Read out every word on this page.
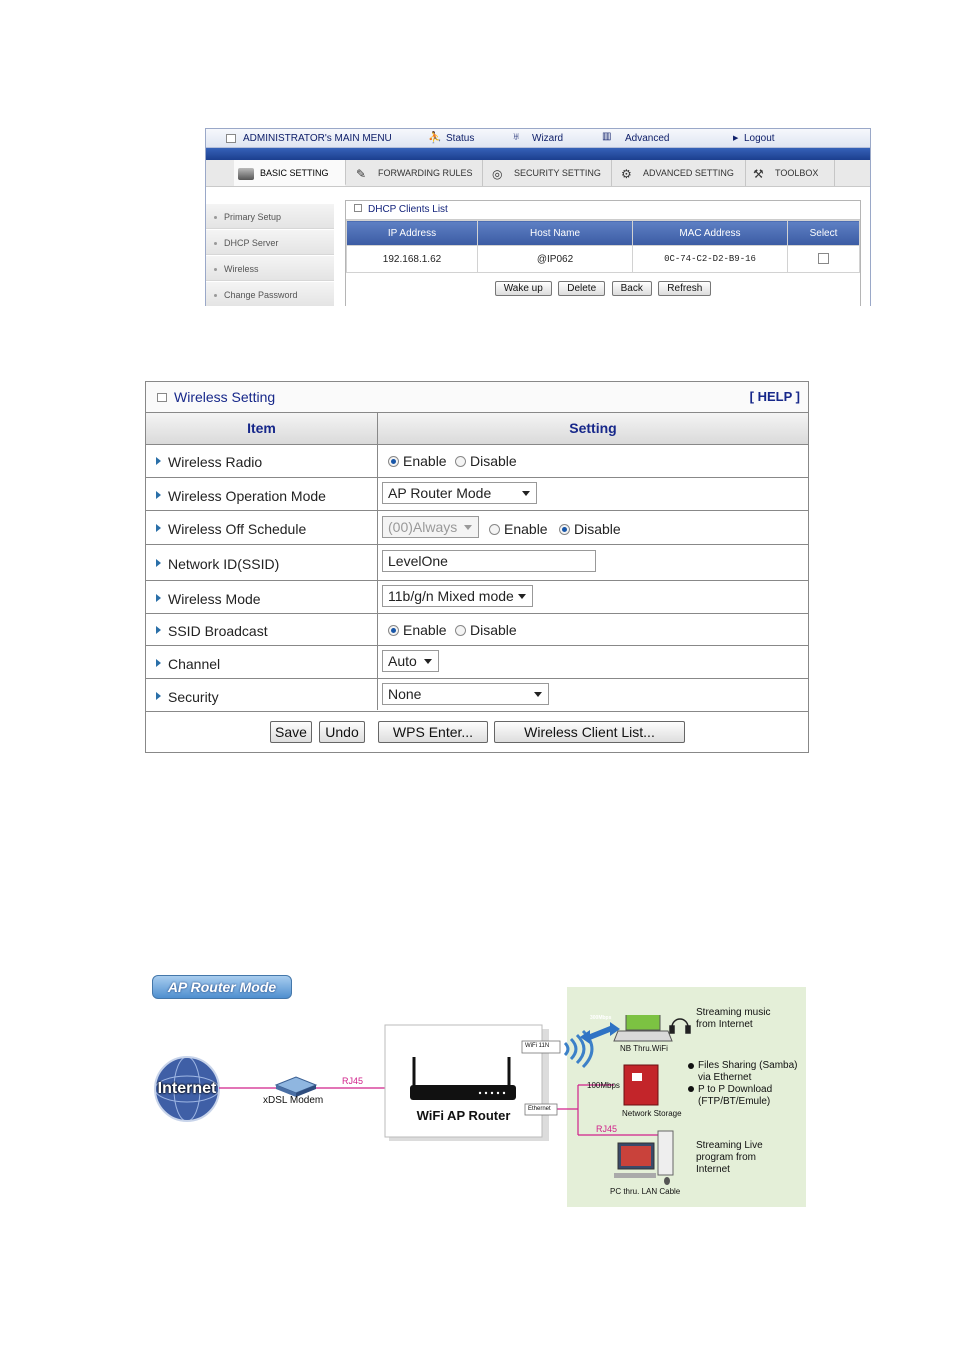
ADMINISTRATOR's MAIN MENU	⛹ Status	♅ Wizard	▥ Advanced	▶ Logout
BASIC SETTING	✎ FORWARDING RULES	◎ SECURITY SETTING	⚙ ADVANCED SETTING	⚒ TOOLBOX
Primary Setup
DHCP Server
Wireless
Change Password
DHCP Clients List
IP Address	Host Name	MAC Address	Select
192.168.1.62	@IP062	0C-74-C2-D2-B9-16	
Wake up Delete Back Refresh
Wireless Setting	[ HELP ]
Item	Setting
Wireless Radio	Enable	Disable
Wireless Operation Mode	AP Router Mode
Wireless Off Schedule	(00)Always	Enable	Disable
Network ID(SSID)	LevelOne
Wireless Mode	11b/g/n Mixed mode
SSID Broadcast	Enable	Disable
Channel	Auto
Security	None
Save	Undo	WPS Enter...	Wireless Client List...
AP Router Mode
Internet
xDSL Modem
RJ45
WiFi AP Router
WiFi 11N
Ethernet
300Mbps
NB Thru.WiFi
Streaming music
from Internet
100Mbps
Network Storage
Files Sharing (Samba)
via Ethernet
P to P Download
(FTP/BT/Emule)
RJ45
PC thru. LAN Cable
Streaming Live
program from
Internet
